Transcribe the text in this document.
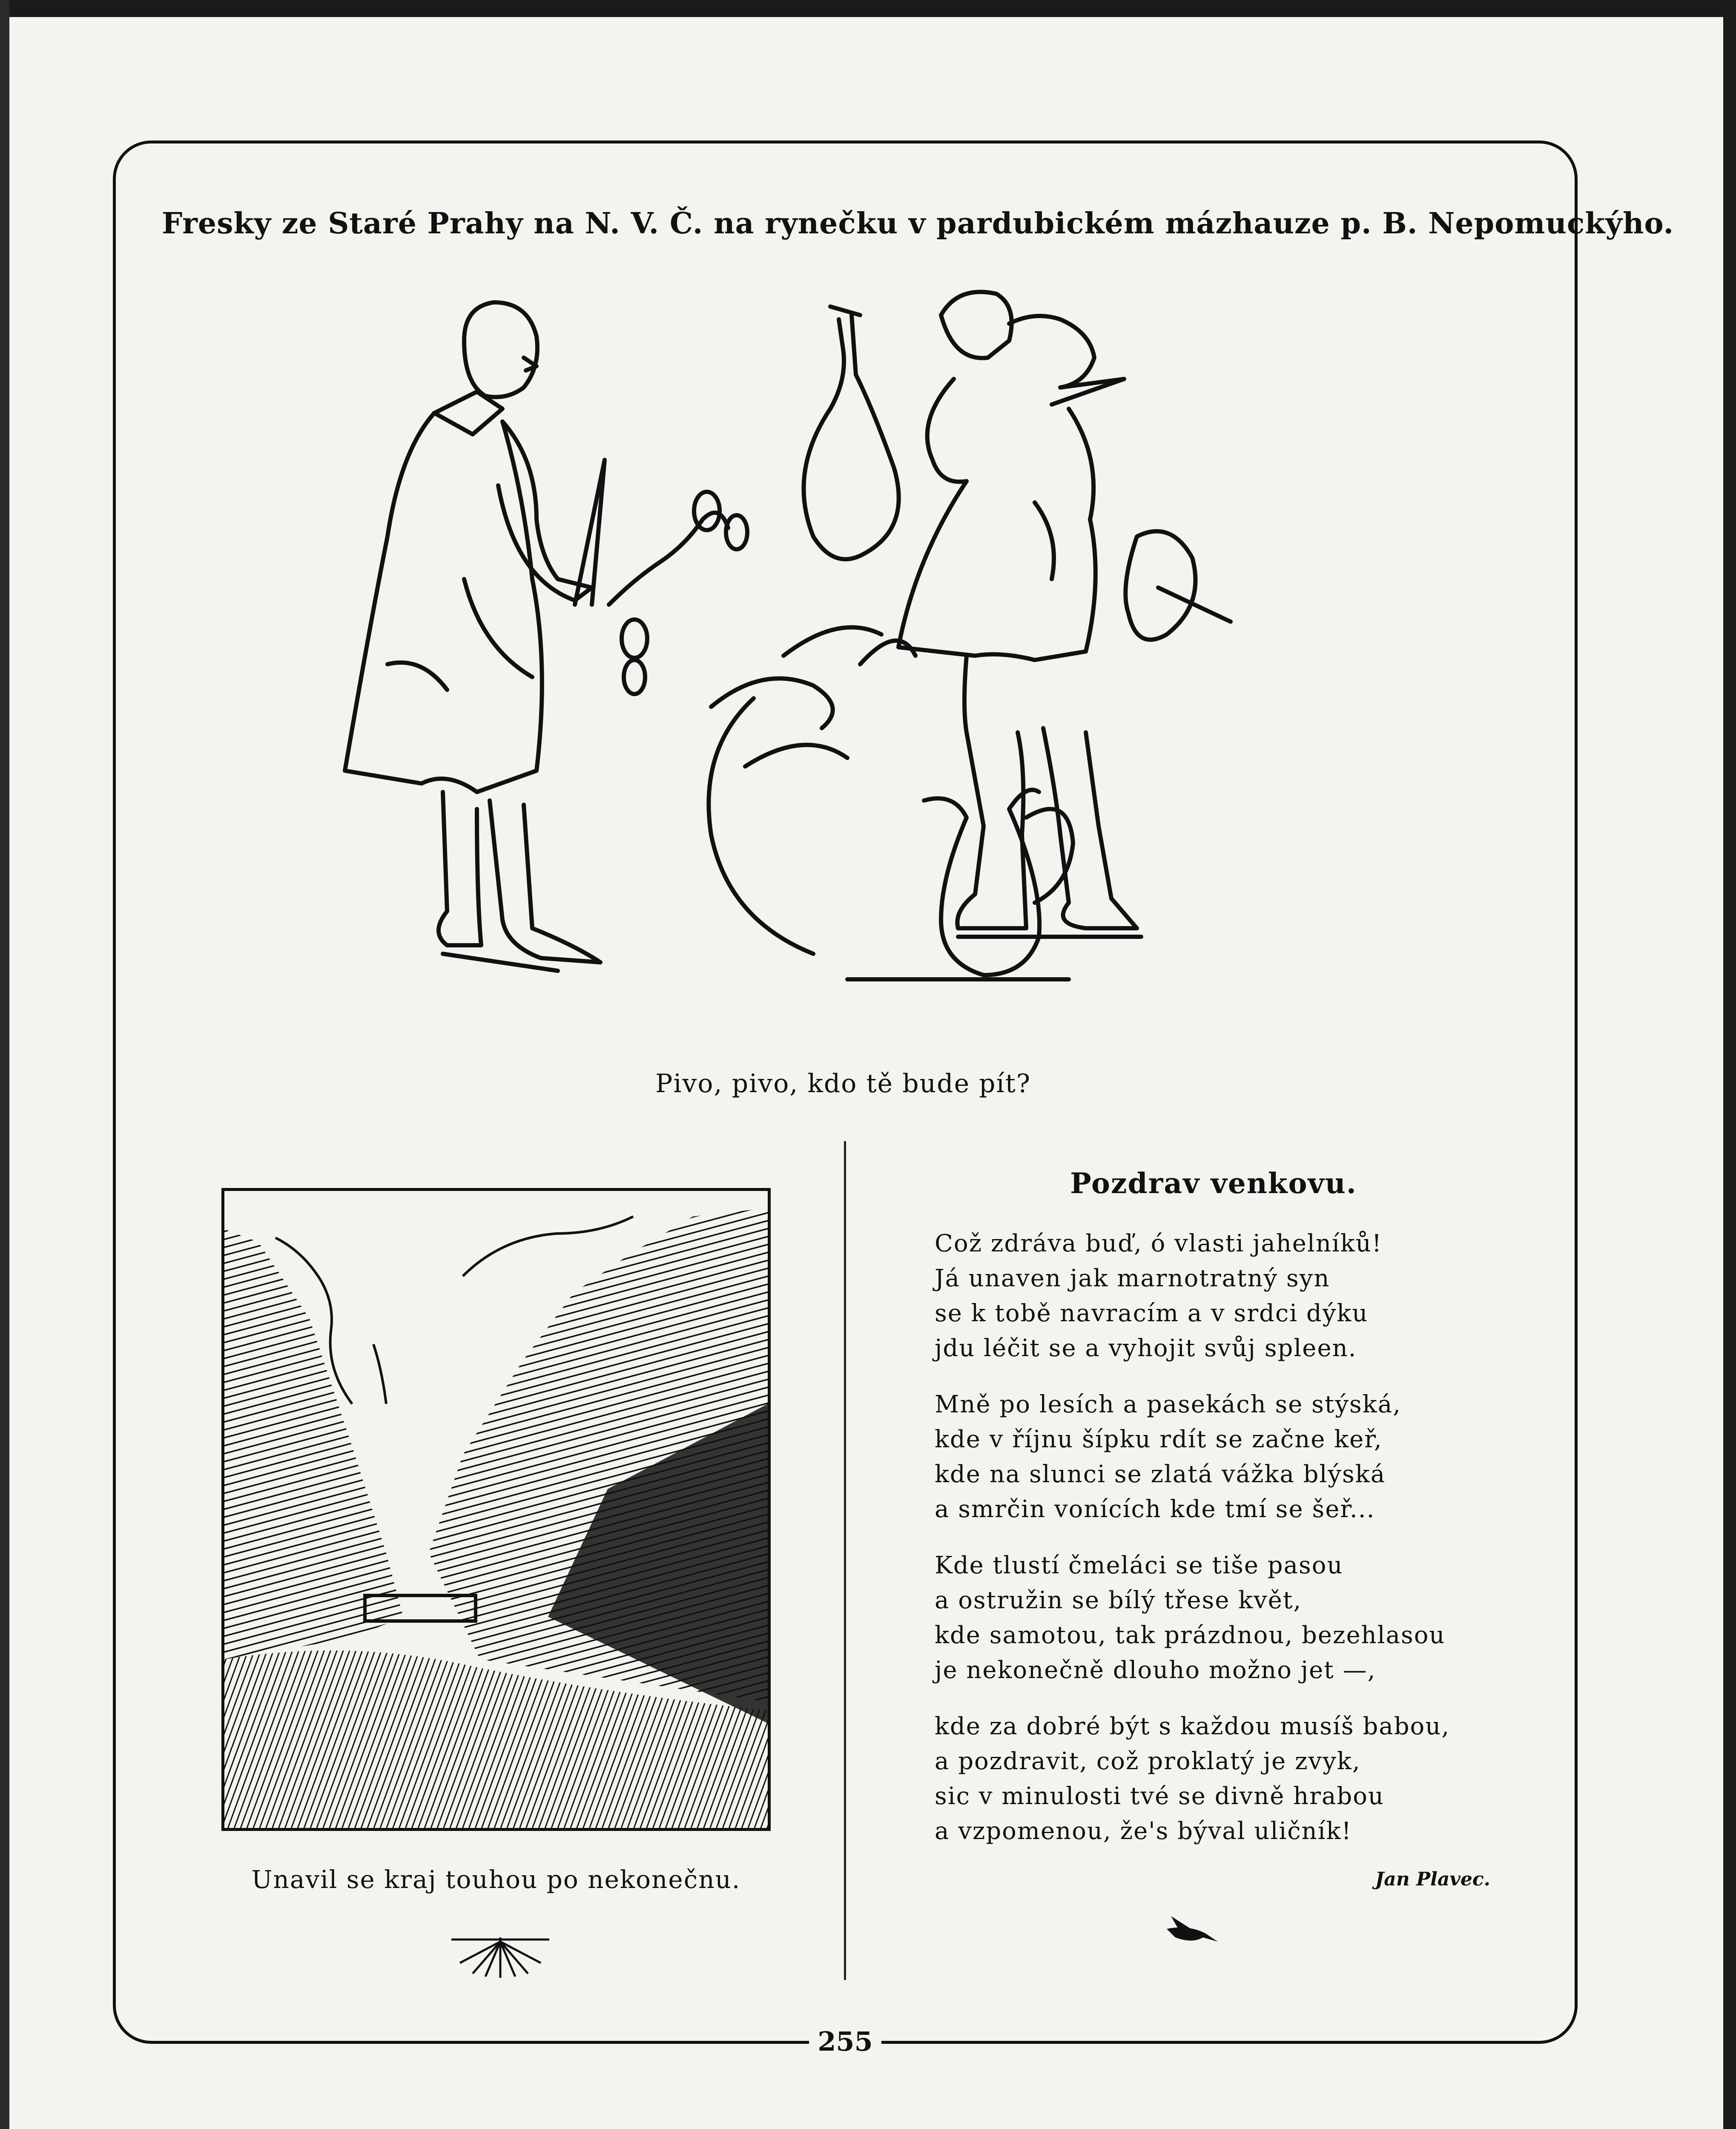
255
Fresky ze Staré Prahy na N. V. Č. na rynečku v pardubickém mázhauze p. B. Nepomuckýho.
Pivo, pivo, kdo tě bude pít?
Unavil se kraj touhou po nekonečnu.
Pozdrav venkovu.
Což zdráva buď, ó vlasti jahelníků!
Já unaven jak marnotratný syn
se k tobě navracím a v srdci dýku
jdu léčit se a vyhojit svůj spleen.
Mně po lesích a pasekách se stýská,
kde v říjnu šípku rdít se začne keř,
kde na slunci se zlatá vážka blýská
a smrčin vonících kde tmí se šeř...
Kde tlustí čmeláci se tiše pasou
a ostružin se bílý třese květ,
kde samotou, tak prázdnou, bezehlasou
je nekonečně dlouho možno jet —,
kde za dobré být s každou musíš babou,
a pozdravit, což proklatý je zvyk,
sic v minulosti tvé se divně hrabou
a vzpomenou, že's býval uličník!
Jan Plavec.
